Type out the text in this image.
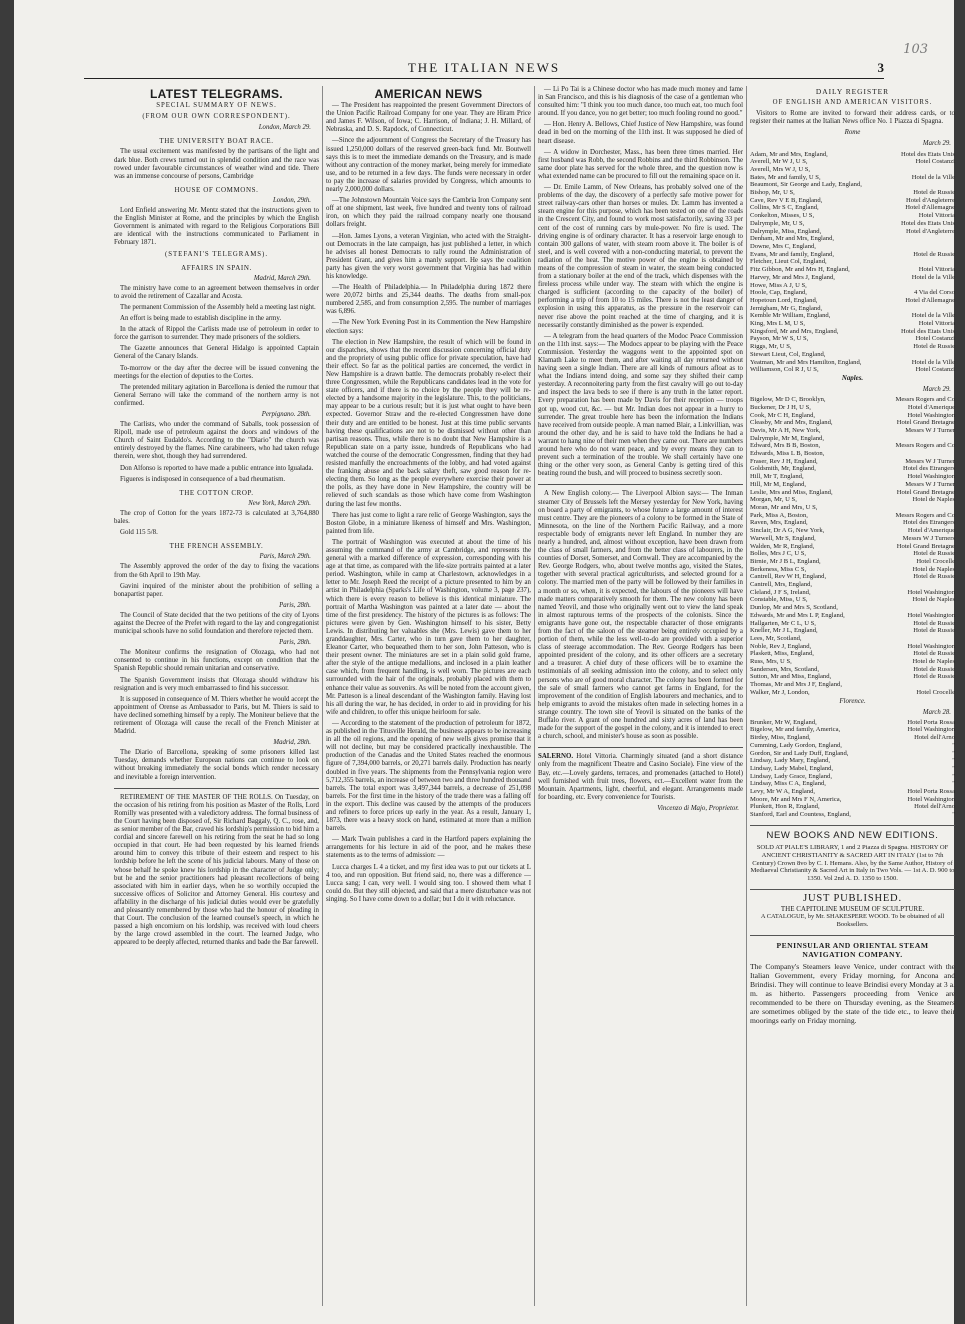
103
THE ITALIAN NEWS	3
LATEST TELEGRAMS.
SPECIAL SUMMARY OF NEWS.
(FROM OUR OWN CORRESPONDENT).
London, March 29.
THE UNIVERSITY BOAT RACE.

The usual excitement was manifested by the partisans of the light and dark blue. Both crews turned out in splendid condition and the race was rowed under favourable circumstances of weather wind and tide. There was an immense concourse of persons, Cambridge

HOUSE OF COMMONS.
London, 29th.

Lord Enfield answering Mr. Mentz stated that the instructions given to the English Minister at Rome, and the principles by which the English Government is animated with regard to the Religious Corporations Bill are identical with the instructions communicated to Parliament in February 1871.

(STEFANI'S TELEGRAMS).
AFFAIRS IN SPAIN.
Madrid, March 29th.

The ministry have come to an agreement between themselves in order to avoid the retirement of Cazallar and Acosta.

The permanent Commission of the Assembly held a meeting last night.

An effort is being made to establish discipline in the army.

In the attack of Rippol the Carlists made use of petroleum in order to force the garrison to surrender. They made prisoners of the soldiers.

The Gazette announces that General Hidalgo is appointed Captain General of the Canary Islands.

To-morrow or the day after the decree will be issued convening the meetings for the election of deputies to the Cortes.

The pretended military agitation in Barcellona is denied the rumour that General Serrano will take the command of the northern army is not confirmed.

Perpignano. 28th.

The Carlists, who under the command of Saballs, took possession of Ripoll, made use of petroleum against the doors and windows of the Church of Saint Eudaldo's. According to the "Diario" the church was entirely destroyed by the flames. Nine carabineers, who had taken refuge therein, were shot, though they had surrendered.

Don Alfonso is reported to have made a public entrance into Igualada.

Figueres is indisposed in consequence of a bad rheumatism.

THE COTTON CROP.
New York, March 29th.

The crop of Cotton for the years 1872-73 is calculated at 3,764,880 bales.

Gold 115 5/8.

THE FRENCH ASSEMBLY.
Paris, March 29th.

The Assembly approved the order of the day to fixing the vacations from the 6th April to 19th May.

Gavini inquired of the minister about the prohibition of selling a bonapartist paper.

Paris, 28th.

The Council of State decided that the two petitions of the city of Lyons against the Decree of the Prefet with regard to the lay and congregationist municipal schools have no solid foundation and therefore rejected them.

Paris, 28th.

The Moniteur confirms the resignation of Olozaga, who had not consented to continue in his functions, except on condition that the Spanish Republic should remain unitarian and conservative.

The Spanish Government insists that Olozaga should withdraw his resignation and is very much embarrassed to find his successor.

It is supposed in consequence of M. Thiers whether he would accept the appointment of Orense as Ambassador to Paris, but M. Thiers is said to have declined something himself by a reply. The Moniteur believe that the retirement of Olozaga will cause the recall of the French Minister at Madrid.

Madrid, 28th.

The Diario of Barcellona, speaking of some prisoners killed last Tuesday, demands whether European nations can continue to look on without breaking immediately the social bonds which render necessary and inevitable a foreign intervention.

RETIREMENT OF THE MASTER OF THE ROLLS. On Tuesday, on the occasion of his retiring from his position as Master of the Rolls, Lord Romilly was presented with a valedictory address. The formal business of the Court having been disposed of, Sir Richard Baggaly, Q. C., rose, and, as senior member of the Bar, craved his lordship's permission to bid him a cordial and sincere farewell on his retiring from the seat he had so long occupied in that court. He had been requested by his learned friends around him to convey this tribute of their esteem and respect to his lordship before he left the scene of his judicial labours. Many of those on whose behalf he spoke knew his lordship in the character of Judge only; but he and the senior practitioners had pleasant recollections of being associated with him in earlier days, when he so worthily occupied the successive offices of Solicitor and Attorney General. His courtesy and affability in the discharge of his judicial duties would ever be gratefully and pleasantly remembered by those who had the honour of pleading in that Court. The conclusion of the learned counsel's speech, in which he passed a high encomium on his lordship, was received with loud cheers by the large crowd assembled in the court. The learned Judge, who appeared to be deeply affected, returned thanks and bade the Bar farewell.

AMERICAN NEWS

— The President has reappointed the present Government Directors of the Union Pacific Railroad Company for one year. They are Hiram Price and James F. Wilson, of Iowa; C. Harrison, of Indiana; J. H. Millard, of Nebraska, and D. S. Rapdock, of Connecticut.

—Since the adjournment of Congress the Secretary of the Treasury has issued 1,250,000 dollars of the reserved green-back fund. Mr. Boutwell says this is to meet the immediate demands on the Treasury, and is made without any contraction of the money market, being merely for immediate use, and to be returned in a few days. The funds were necessary in order to pay the increase of salaries provided by Congress, which amounts to nearly 2,000,000 dollars.

—The Johnstown Mountain Voice says the Cambria Iron Company sent off at one shipment, last week, five hundred and twenty tons of railroad iron, on which they paid the railroad company nearly one thousand dollars freight.

—Hon. James Lyons, a veteran Virginian, who acted with the Straight-out Democrats in the late campaign, has just published a letter, in which he advises all honest Democrats to rally round the Administration of President Grant, and gives him a manly support. He says the coalition party has given the very worst government that Virginia has had within his knowledge.

—The Health of Philadelphia.— In Philadelphia during 1872 there were 20,072 births and 25,344 deaths. The deaths from small-pox numbered 2,585, and from consumption 2,595. The number of marriages was 6,896.

—The New York Evening Post in its Commention the New Hampshire election says:

The election in New Hampshire, the result of which will be found in our dispatches, shows that the recent discussion concerning official duty and the propriety of using public office for private speculation, have had their effect. So far as the political parties are concerned, the verdict in New Hampshire is a drawn battle. The democrats probably re-elect their three Congressmen, while the Republicans candidates lead in the vote for state officers, and if there is no choice by the people they will be re-elected by a handsome majority in the legislature. This, to the politicians, may appear to be a curious result; but it is just what ought to have been expected. Governor Straw and the re-elected Congressmen have done their duty and are entitled to be honest. Just at this time public servants having these qualifications are not to be dismissed without other than partisan reasons. Thus, while there is no doubt that New Hampshire is a Republican state on a party issue, hundreds of Republicans who had watched the course of the democratic Congressmen, finding that they had resisted manfully the encroachments of the lobby, and had voted against the franking abuse and the back salary theft, saw good reason for re-electing them. So long as the people everywhere exercise their power at the polls, as they have done in New Hampshire, the country will be relieved of such scandals as those which have come from Washington during the last few months.

There has just come to light a rare relic of George Washington, says the Boston Globe, in a miniature likeness of himself and Mrs. Washington, painted from life.

The portrait of Washington was executed at about the time of his assuming the command of the army at Cambridge, and represents the general with a marked difference of expression, corresponding with his age at that time, as compared with the life-size portraits painted at a later period. Washington, while in camp at Charlestown, acknowledges in a letter to Mr. Joseph Reed the receipt of a picture presented to him by an artist in Philadelphia (Sparks's Life of Washington, volume 3, page 237), which there is every reason to believe is this identical miniature. The portrait of Martha Washington was painted at a later date — about the time of the first presidency. The history of the pictures is as follows: The pictures were given by Gen. Washington himself to his sister, Betty Lewis. In distributing her valuables she (Mrs. Lewis) gave them to her granddaughter, Mrs. Carter, who in turn gave them to her daughter, Eleanor Carter, who bequeathed them to her son, John Patteson, who is their present owner. The miniatures are set in a plain solid gold frame, after the style of the antique medallions, and inclosed in a plain leather case which, from frequent handling, is well worn. The pictures are each surrounded with the hair of the originals, probably placed with them to enhance their value as souvenirs. As will be noted from the account given, Mr. Patteson is a lineal descendant of the Washington family. Having lost his all during the war, he has decided, in order to aid in providing for his wife and children, to offer this unique heirloom for sale.

— According to the statement of the production of petroleum for 1872, as published in the Titusville Herald, the business appears to be increasing in all the oil regions, and the opening of new wells gives promise that it will not decline, but may be considered practically inexhaustible. The production of the Canadas and the United States reached the enormous figure of 7,394,000 barrels, or 20,271 barrels daily. Production has nearly doubled in five years. The shipments from the Pennsylvania region were 5,712,355 barrels, an increase of between two and three hundred thousand barrels. The total export was 3,497,344 barrels, a decrease of 251,098 barrels. For the first time in the history of the trade there was a falling off in the export. This decline was caused by the attempts of the producers and refiners to force prices up early in the year. As a result, January 1, 1873, there was a heavy stock on hand, estimated at more than a million barrels.

— Mark Twain publishes a card in the Hartford papers explaining the arrangements for his lecture in aid of the poor, and he makes these statements as to the terms of admission: —

Lucca charges L 4 a ticket, and my first idea was to put our tickets at L 4 too, and run opposition. But friend said, no, there was a difference — Lucca sang; I can, very well. I would sing too. I showed them what I could do. But they still objected, and said that a mere disturbance was not singing. So I have come down to a dollar; but I do it with reluctance.

— Li Po Tai is a Chinese doctor who has made much money and fame in San Francisco, and this is his diagnosis of the case of a gentleman who consulted him: "I think you too much dance, too much eat, too much fool around. If you dance, you no get better; too much fooling round no good."

— Hon. Henry A. Bellows, Chief Justice of New Hampshire, was found dead in bed on the morning of the 11th inst. It was supposed he died of heart disease.

— A widow in Dorchester, Mass., has been three times married. Her first husband was Robb, the second Robbins and the third Robbinson. The same door plate has served for the whole three, and the question now is what extended name can be procured to fill out the remaining space on it.

— Dr. Emile Lamm, of New Orleans, has probably solved one of the problems of the day, the discovery of a perfectly safe motive power for street railway-cars other than horses or mules. Dr. Lamm has invented a steam engine for this purpose, which has been tested on one of the roads in the Crescent City, and found to work most satisfactorily, saving 33 per cent of the cost of running cars by mule-power. No fire is used. The driving engine is of ordinary character. It has a reservoir large enough to contain 300 gallons of water, with steam room above it. The boiler is of steel, and is well covered with a non-conducting material, to prevent the radiation of the heat. The motive power of the engine is obtained by means of the compression of steam in water, the steam being conducted from a stationary boiler at the end of the track, which dispenses with the fireless process while under way. The steam with which the engine is charged is sufficient (according to the capacity of the boiler) of performing a trip of from 10 to 15 miles. There is not the least danger of explosion in using this apparatus, as the pressure in the reservoir can never rise above the point reached at the time of charging, and it is necessarily constantly diminished as the power is expended.

— A telegram from the head quarters of the Modoc Peace Commission on the 11th inst. says:— The Modocs appear to be playing with the Peace Commission. Yesterday the waggons went to the appointed spot on Klamath Lake to meet them, and after waiting all day returned without having seen a single Indian. There are all kinds of rumours afloat as to what the Indians intend doing, and some say they shifted their camp yesterday. A reconnoitering party from the first cavalry will go out to-day and inspect the lava beds to see if there is any truth in the latter report. Every preparation has been made by Davis for their reception — troops got up, wood cut, &c. — but Mr. Indian does not appear in a hurry to surrender. The great trouble here has been the information the Indians have received from outside people. A man named Blair, a Linkvillian, was around the other day, and he is said to have told the Indians he had a warrant to hang nine of their men when they came out. There are numbers around here who do not want peace, and by every means they can to prevent such a termination of the trouble. We shall certainly have one thing or the other very soon, as General Canby is getting tired of this beating round the bush, and will proceed to business secretly soon.

A New English colony.— The Liverpool Albion says:— The Inman steamer City of Brussels left the Mersey yesterday for New York, having on board a party of emigrants, to whose future a large amount of interest must centre. They are the pioneers of a colony to be formed in the State of Minnesota, on the line of the Northern Pacific Railway, and a more respectable body of emigrants never left England. In number they are nearly a hundred, and, almost without exception, have been drawn from the class of small farmers, and from the better class of labourers, in the counties of Dorset, Somerset, and Cornwall. They are accompanied by the Rev. George Rodgers, who, about twelve months ago, visited the States, together with several practical agriculturists, and selected ground for a colony. The married men of the party will be followed by their families in a month or so, when, it is expected, the labours of the pioneers will have made matters comparatively smooth for them. The new colony has been named Yeovil, and those who originally went out to view the land speak in almost rapturous terms of the prospects of the colonists. Since the emigrants have gone out, the respectable character of those emigrants from the fact of the saloon of the steamer being entirely occupied by a portion of them, while the less well-to-do are provided with a superior class of steerage accommodation. The Rev. George Rodgers has been appointed president of the colony, and its other officers are a secretary and a treasurer. A chief duty of these officers will be to examine the testimonials of all seeking admission into the colony, and to select only persons who are of good moral character. The colony has been formed for the sale of small farmers who cannot get farms in England, for the improvement of the condition of English labourers and mechanics, and to help emigrants to avoid the mistakes often made in selecting homes in a strange country. The town site of Yeovil is situated on the banks of the Buffalo river. A grant of one hundred and sixty acres of land has been made for the support of the gospel in the colony, and it is intended to erect a church, school, and minister's house as soon as possible.

SALERNO. Hotel Vittoria. Charmingly situated (and a short distance only from the magnificent Theatre and Casino Sociale). Fine view of the Bay, etc.—Lovely gardens, terraces, and promenades (attached to Hotel) well furnished with fruit trees, flowers, ect.—Excellent water from the Mountain. Apartments, light, cheerful, and elegant. Arrangements made for boarding, etc. Every convenience for Tourists.

Vincenzo di Majo, Proprietor.
DAILY REGISTER
OF ENGLISH AND AMERICAN VISITORS.

Visitors to Rome are invited to forward their address cards, or to register their names at the Italian News office No. 1 Piazza di Spagna.

Rome
March 29.
Adam, Mr and Mrs, England,	Hotel des Etats Unis
Averell, Mr W J, U S,	Hotel Costanzi
Averell, Mrs W J, U S,
Bates, Mr and family, U S,	Hotel de la Ville
Beaumont, Sir George and Lady, England,
Bishop, Mr, U S,	Hotel de Russie
Cave, Rev V E B, England,	Hotel d'Angleterre
Collins, Mr S C, England,	Hotel d'Allemagne
Conkelton, Misses, U S,	Hotel Vittoria
Dalrymple, Mr, U S,	Hotel des Etats Unis
Dalrymple, Miss, England,	Hotel d'Angleterre
Denham, Mr and Mrs, England,
Downe, Mrs C, England,
Evans, Mr and family, England,	Hotel de Russie
Fletcher, Lieut Col, England,
Fitz Gibbon, Mr and Mrs H, England,	Hotel Vittoria
Harvey, Mr and Mrs J, England,	Hotel de la Ville
Howe, Miss A J, U S,
Hoole, Cap, England,	4 Via del Corso
Hopetoun Lord, England,	Hotel d'Allemagne
Jernigham, Mr G, England,
Kemble Mr William, England,	Hotel de la Ville
King, Mrs L M, U S,	Hotel Vittoria
Kingsford, Mr and Mrs, England,	Hotel des Etats Unis
Payson, Mr W S, U S,	Hotel Costanzi
Riggs, Mr, U S,	Hotel de Russie
Stewart Lieut, Col, England,
Yeatman, Mr and Mrs Hamilton, England,	Hotel de la Ville
Williamson, Col R J, U S,	Hotel Costanzi
Naples.
March 29.
Bigelow, Mr D C, Brooklyn,	Messrs Rogers and Co
Buckener, Dr J H, U S,	Hotel d'Amerique
Cook, Mr C H, England,	Hotel Washington
Cleasby, Mr and Mrs, England,	Hotel Grand Bretagne
Davis, Mr A H, New York,	Messrs W J Turner
Dalrymple, Mr M, England,
Edward, Mrs B B, Boston,	Messrs Rogers and Co
Edwards, Miss L B, Boston,
Fraser, Rev J H, England,	Messrs W J Turner
Goldsmith, Mr, England,	Hotel des Etrangers
Hill, Mr T, England,	Hotel Washington
Hill, Mr M, England,	Messrs W J Turner
Leslie, Mrs and Miss, England,	Hotel Grand Bretagne
Morgan, Mr, U S,	Hotel de Naples
Moran, Mr and Mrs, U S,
Park, Miss A, Boston,	Messrs Rogers and Co
Raven, Mrs, England,	Hotel des Etrangers
Sinclair, Dr A G, New York,	Hotel d'Amerique
Warwell, Mr S, England,	Messrs W J Turners
Walden, Mr R, England,	Hotel Grand Bretagne
Bolles, Mrs J C, U S,	Hotel de Russie
Birnie, Mr J B L, England,	Hotel Crocelle
Berkeness, Miss C S,	Hotel de Naples
Cantrell, Rev W H, England,	Hotel de Russie
Cantrell, Mrs, England,
Cleland, J F S, Ireland,	Hotel Washington
Constable, Miss, U S,	Hotel de Naples
Dunlop, Mr and Mrs S, Scotland,
Edwards, Mr and Mrs L P, England,	Hotel Washington
Hallgarten, Mr C L, U S,	Hotel de Russie
Kneller, Mr J L, England,	Hotel de Russie
Lees, Mr, Scotland,
Noble, Rev J, England,	Hotel Washington
Plaskett, Miss, England,	Hotel de Russie
Russ, Mrs, U S,	Hotel de Naples
Sandersen, Mrs, Scotland,	Hotel de Russie
Sutton, Mr and Miss, England,	Hotel de Russie
Thomas, Mr and Mrs J F, England,
Walker, Mr J, London,	Hotel Crocelle
Florence.
March 28.
Brunker, Mr W, England,	Hotel Porta Rossa
Bigelow, Mr and family, America,	Hotel Washington
Birdey, Miss, England,	Hotel dell'Arno
Cumming, Lady Gordon, England,	"
Gordon, Sir and Lady Duff, England,	"
Lindsay, Lady Mary, England,	"
Lindsay, Lady Mabel, England,	"
Lindsay, Lady Grace, England,	"
Lindsay, Miss C A, England,	"
Levy, Mr W A, England,	Hotel Porta Rossa
Moore, Mr and Mrs F N, America,	Hotel Washington
Plunkett, Hon R, England,	Hotel dell'Arno
Stanford, Earl and Countess, England,	"
NEW BOOKS AND NEW EDITIONS.
SOLD AT PIALE'S LIBRARY, 1 and 2 Piazza di Spagna. HISTORY OF ANCIENT CHRISTIANITY & SACRED ART IN ITALY (1st to 7th Century) Crown 8vo by C. I. Hemans. Also, by the Same Author, History of Mediaeval Christianity & Sacred Art in Italy in Two Vols. — 1st A. D. 900 to 1350. Vol 2nd A. D. 1350 to 1500.
JUST PUBLISHED.
THE CAPITOLINE MUSEUM OF SCULPTURE.
A CATALOGUE, by Mr. SHAKESPERE WOOD. To be obtained of all Booksellers.
PENINSULAR AND ORIENTAL STEAM NAVIGATION COMPANY.
The Company's Steamers leave Venice, under contract with the Italian Government, every Friday morning, for Ancona and Brindisi. They will continue to leave Brindisi every Monday at 3 a. m. as hitherto. Passengers proceeding from Venice are recommended to be there on Thursday evening, as the Steamers are sometimes obliged by the state of the tide etc., to leave their moorings early on Friday morning.
